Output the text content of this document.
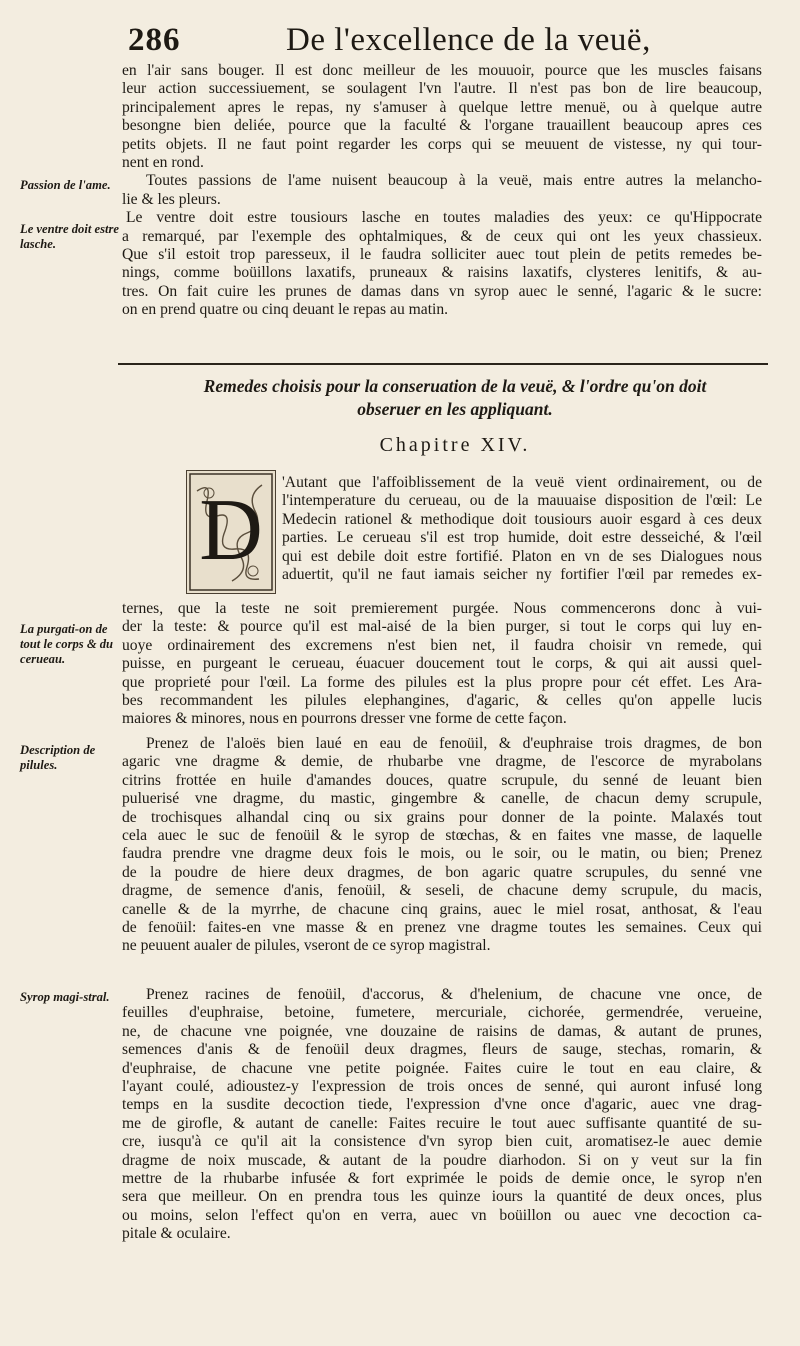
286	De l'excellence de la veuë,
en l'air sans bouger. Il est donc meilleur de les mouuoir, pource que les muscles faisans
leur action successiuement, se soulagent l'vn l'autre. Il n'est pas bon de lire beaucoup,
principalement apres le repas, ny s'amuser à quelque lettre menuë, ou à quelque autre
besongne bien deliée, pource que la faculté & l'organe trauaillent beaucoup apres ces
petits objets. Il ne faut point regarder les corps qui se meuuent de vistesse, ny qui tour-
nent en rond.
Toutes passions de l'ame nuisent beaucoup à la veuë, mais entre autres la melancho-
lie & les pleurs.
Le ventre doit estre tousiours lasche en toutes maladies des yeux: ce qu'Hippocrate
a remarqué, par l'exemple des ophtalmiques, & de ceux qui ont les yeux chassieux.
Que s'il estoit trop paresseux, il le faudra solliciter auec tout plein de petits remedes be-
nings, comme boüillons laxatifs, pruneaux & raisins laxatifs, clysteres lenitifs, & au-
tres. On fait cuire les prunes de damas dans vn syrop auec le senné, l'agaric & le sucre:
on en prend quatre ou cinq deuant le repas au matin.
Passion de l'ame.
Le ventre doit estre lasche.
Remedes choisis pour la conseruation de la veuë, & l'ordre qu'on doit
obseruer en les appliquant.
Chapitre XIV.
D 'Autant que l'affoiblissement de la veuë vient ordinairement, ou de
l'intemperature du cerueau, ou de la mauuaise disposition de l'œil: Le
Medecin rationel & methodique doit tousiours auoir esgard à ces deux
parties. Le cerueau s'il est trop humide, doit estre desseiché, & l'œil
qui est debile doit estre fortifié. Platon en vn de ses Dialogues nous
aduertit, qu'il ne faut iamais seicher ny fortifier l'œil par remedes ex-
ternes, que la teste ne soit premierement purgée. Nous commencerons donc à vui-
der la teste: & pource qu'il est mal-aisé de la bien purger, si tout le corps qui luy en-
uoye ordinairement des excremens n'est bien net, il faudra choisir vn remede, qui
puisse, en purgeant le cerueau, éuacuer doucement tout le corps, & qui ait aussi quel-
que proprieté pour l'œil. La forme des pilules est la plus propre pour cét effet. Les Ara-
bes recommandent les pilules elephangines, d'agaric, & celles qu'on appelle lucis
maiores & minores, nous en pourrons dresser vne forme de cette façon.
La purgati-on de tout le corps & du cerueau.
Prenez de l'aloës bien laué en eau de fenoüil, & d'euphraise trois dragmes, de bon
agaric vne dragme & demie, de rhubarbe vne dragme, de l'escorce de myrabolans
citrins frottée en huile d'amandes douces, quatre scrupule, du senné de leuant bien
puluerisé vne dragme, du mastic, gingembre & canelle, de chacun demy scrupule,
de trochisques alhandal cinq ou six grains pour donner de la pointe. Malaxés tout
cela auec le suc de fenoüil & le syrop de stœchas, & en faites vne masse, de laquelle
faudra prendre vne dragme deux fois le mois, ou le soir, ou le matin, ou bien; Prenez
de la poudre de hiere deux dragmes, de bon agaric quatre scrupules, du senné vne
dragme, de semence d'anis, fenoüil, & seseli, de chacune demy scrupule, du macis,
canelle & de la myrrhe, de chacune cinq grains, auec le miel rosat, anthosat, & l'eau
de fenoüil: faites-en vne masse & en prenez vne dragme toutes les semaines. Ceux qui
ne peuuent aualer de pilules, vseront de ce syrop magistral.
Description de pilules.
Prenez racines de fenoüil, d'accorus, & d'helenium, de chacune vne once, de
feuilles d'euphraise, betoine, fumetere, mercuriale, cichorée, germendrée, verueine,
ne, de chacune vne poignée, vne douzaine de raisins de damas, & autant de prunes,
semences d'anis & de fenoüil deux dragmes, fleurs de sauge, stechas, romarin, &
d'euphraise, de chacune vne petite poignée. Faites cuire le tout en eau claire, &
l'ayant coulé, adioustez-y l'expression de trois onces de senné, qui auront infusé long
temps en la susdite decoction tiede, l'expression d'vne once d'agaric, auec vne drag-
me de girofle, & autant de canelle: Faites recuire le tout auec suffisante quantité de su-
cre, iusqu'à ce qu'il ait la consistence d'vn syrop bien cuit, aromatisez-le auec demie
dragme de noix muscade, & autant de la poudre diarhodon. Si on y veut sur la fin
mettre de la rhubarbe infusée & fort exprimée le poids de demie once, le syrop n'en
sera que meilleur. On en prendra tous les quinze iours la quantité de deux onces, plus
ou moins, selon l'effect qu'on en verra, auec vn boüillon ou auec vne decoction ca-
pitale & oculaire.
Syrop magi-stral.
